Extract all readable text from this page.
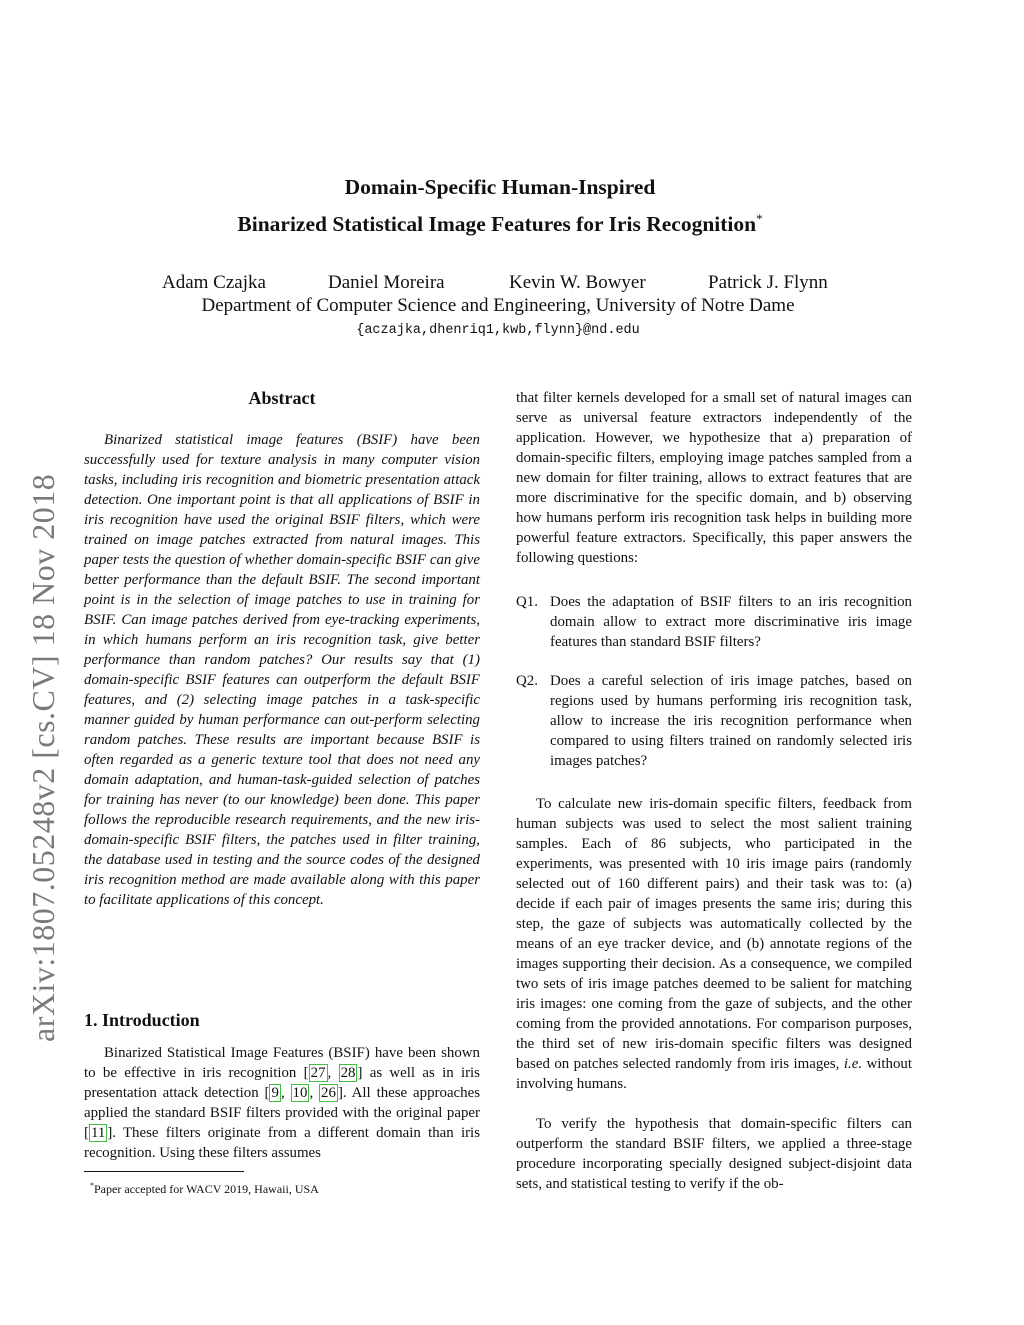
arXiv:1807.05248v2 [cs.CV] 18 Nov 2018
Domain-Specific Human-Inspired
Binarized Statistical Image Features for Iris Recognition*
Adam Czajka	Daniel Moreira	Kevin W. Bowyer	Patrick J. Flynn
Department of Computer Science and Engineering, University of Notre Dame
{aczajka,dhenriq1,kwb,flynn}@nd.edu
Abstract
Binarized statistical image features (BSIF) have been successfully used for texture analysis in many computer vision tasks, including iris recognition and biometric presentation attack detection. One important point is that all applications of BSIF in iris recognition have used the original BSIF filters, which were trained on image patches extracted from natural images. This paper tests the question of whether domain-specific BSIF can give better performance than the default BSIF. The second important point is in the selection of image patches to use in training for BSIF. Can image patches derived from eye-tracking experiments, in which humans perform an iris recognition task, give better performance than random patches? Our results say that (1) domain-specific BSIF features can outperform the default BSIF features, and (2) selecting image patches in a task-specific manner guided by human performance can out-perform selecting random patches. These results are important because BSIF is often regarded as a generic texture tool that does not need any domain adaptation, and human-task-guided selection of patches for training has never (to our knowledge) been done. This paper follows the reproducible research requirements, and the new iris-domain-specific BSIF filters, the patches used in filter training, the database used in testing and the source codes of the designed iris recognition method are made available along with this paper to facilitate applications of this concept.
1. Introduction
Binarized Statistical Image Features (BSIF) have been shown to be effective in iris recognition [ 27 , 28 ] as well as in iris presentation attack detection [ 9 , 10 , 26 ]. All these approaches applied the standard BSIF filters provided with the original paper [ 11 ]. These filters originate from a different domain than iris recognition. Using these filters assumes
*Paper accepted for WACV 2019, Hawaii, USA
that filter kernels developed for a small set of natural images can serve as universal feature extractors independently of the application. However, we hypothesize that a) preparation of domain-specific filters, employing image patches sampled from a new domain for filter training, allows to extract features that are more discriminative for the specific domain, and b) observing how humans perform iris recognition task helps in building more powerful feature extractors. Specifically, this paper answers the following questions:
Q1. Does the adaptation of BSIF filters to an iris recognition domain allow to extract more discriminative iris image features than standard BSIF filters?
Q2. Does a careful selection of iris image patches, based on regions used by humans performing iris recognition task, allow to increase the iris recognition performance when compared to using filters trained on randomly selected iris images patches?
To calculate new iris-domain specific filters, feedback from human subjects was used to select the most salient training samples. Each of 86 subjects, who participated in the experiments, was presented with 10 iris image pairs (randomly selected out of 160 different pairs) and their task was to: (a) decide if each pair of images presents the same iris; during this step, the gaze of subjects was automatically collected by the means of an eye tracker device, and (b) annotate regions of the images supporting their decision. As a consequence, we compiled two sets of iris image patches deemed to be salient for matching iris images: one coming from the gaze of subjects, and the other coming from the provided annotations. For comparison purposes, the third set of new iris-domain specific filters was designed based on patches selected randomly from iris images, i.e. without involving humans.
To verify the hypothesis that domain-specific filters can outperform the standard BSIF filters, we applied a three-stage procedure incorporating specially designed subject-disjoint data sets, and statistical testing to verify if the ob-
